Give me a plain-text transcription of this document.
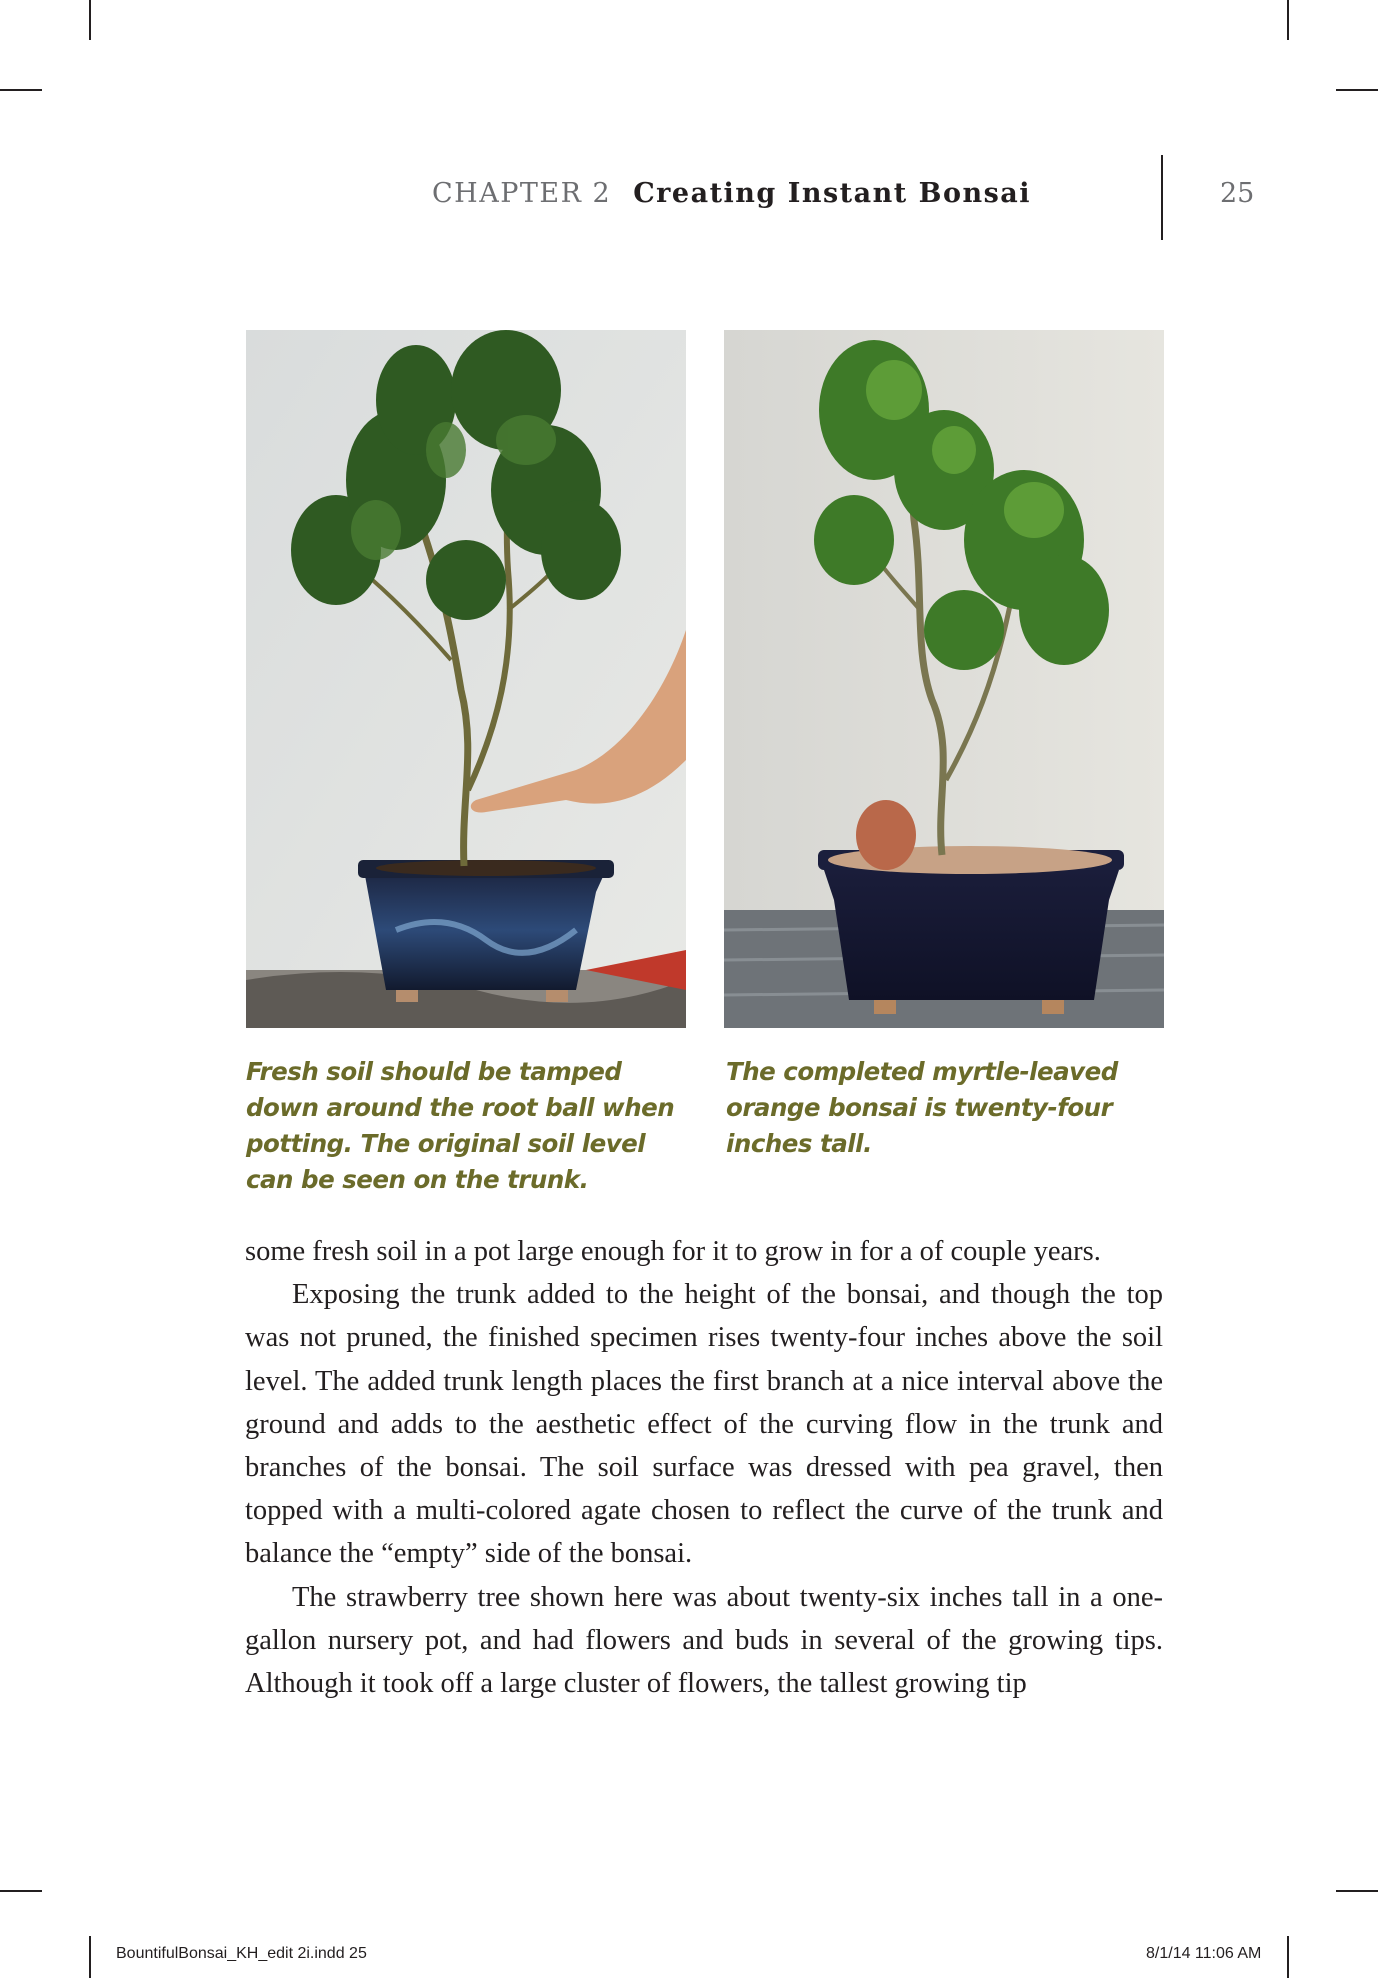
CHAPTER 2 Creating Instant Bonsai	25
Fresh soil should be tamped down around the root ball when potting. The original soil level can be seen on the trunk.
The completed myrtle-leaved orange bonsai is twenty-four inches tall.

some fresh soil in a pot large enough for it to grow in for a of couple years.

Exposing the trunk added to the height of the bonsai, and though the top was not pruned, the finished specimen rises twenty-four inches above the soil level. The added trunk length places the first branch at a nice interval above the ground and adds to the aesthetic effect of the curving flow in the trunk and branches of the bonsai. The soil surface was dressed with pea gravel, then topped with a multi-colored agate chosen to reflect the curve of the trunk and balance the “empty” side of the bonsai.

The strawberry tree shown here was about twenty-six inches tall in a one-gallon nursery pot, and had flowers and buds in several of the growing tips. Although it took off a large cluster of flowers, the tallest growing tip

BountifulBonsai_KH_edit 2i.indd 25	8/1/14 11:06 AM
